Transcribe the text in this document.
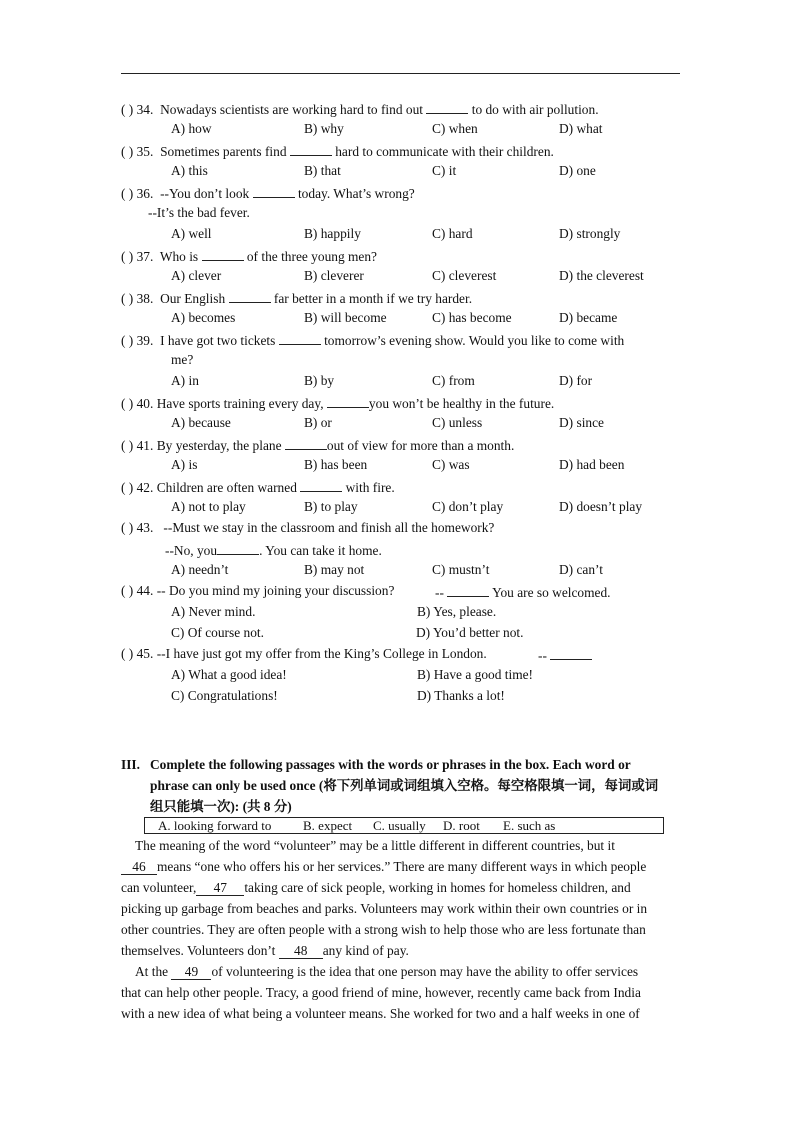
( ) 34. Nowadays scientists are working hard to find out	to do with air pollution.
A) how	B) why	C) when	D) what
( ) 35. Sometimes parents find	hard to communicate with their children.
A) this	B) that	C) it	D) one
( ) 36. --You don’t look	today. What’s wrong?
--It’s the bad fever.
A) well	B) happily	C) hard	D) strongly
( ) 37. Who is	of the three young men?
A) clever	B) cleverer	C) cleverest	D) the cleverest
( ) 38. Our English	far better in a month if we try harder.
A) becomes	B) will become	C) has become	D) became
( ) 39. I have got two tickets	tomorrow’s evening show. Would you like to come with
me?
A) in	B) by	C) from	D) for
( ) 40. Have sports training every day,	you won’t be healthy in the future.
A) because	B) or	C) unless	D) since
( ) 41. By yesterday, the plane	out of view for more than a month.
A) is	B) has been	C) was	D) had been
( ) 42. Children are often warned	with fire.
A) not to play	B) to play	C) don’t play	D) doesn’t play
( ) 43. --Must we stay in the classroom and finish all the homework?
--No, you	. You can take it home.
A) needn’t	B) may not	C) mustn’t	D) can’t
( ) 44. -- Do you mind my joining your discussion?	--	You are so welcomed.
A) Never mind.	B) Yes, please.
C) Of course not.	D) You’d better not.
( ) 45. --I have just got my offer from the King’s College in London.	--
A) What a good idea!	B) Have a good time!
C) Congratulations!	D) Thanks a lot!
III. Complete the following passages with the words or phrases in the box. Each word or
phrase can only be used once (将下列单词或词组填入空格。每空格限填一词，每词或词
组只能填一次): (共 8 分)
A. looking forward to B. expect C. usually D. root E. such as
The meaning of the word “volunteer” may be a little different in different countries, but it
46 means “one who offers his or her services.” There are many different ways in which people
can volunteer, 47 taking care of sick people, working in homes for homeless children, and
picking up garbage from beaches and parks. Volunteers may work within their own countries or in
other countries. They are often people with a strong wish to help those who are less fortunate than
themselves. Volunteers don’t 48 any kind of pay.
At the 49 of volunteering is the idea that one person may have the ability to offer services
that can help other people. Tracy, a good friend of mine, however, recently came back from India
with a new idea of what being a volunteer means. She worked for two and a half weeks in one of
